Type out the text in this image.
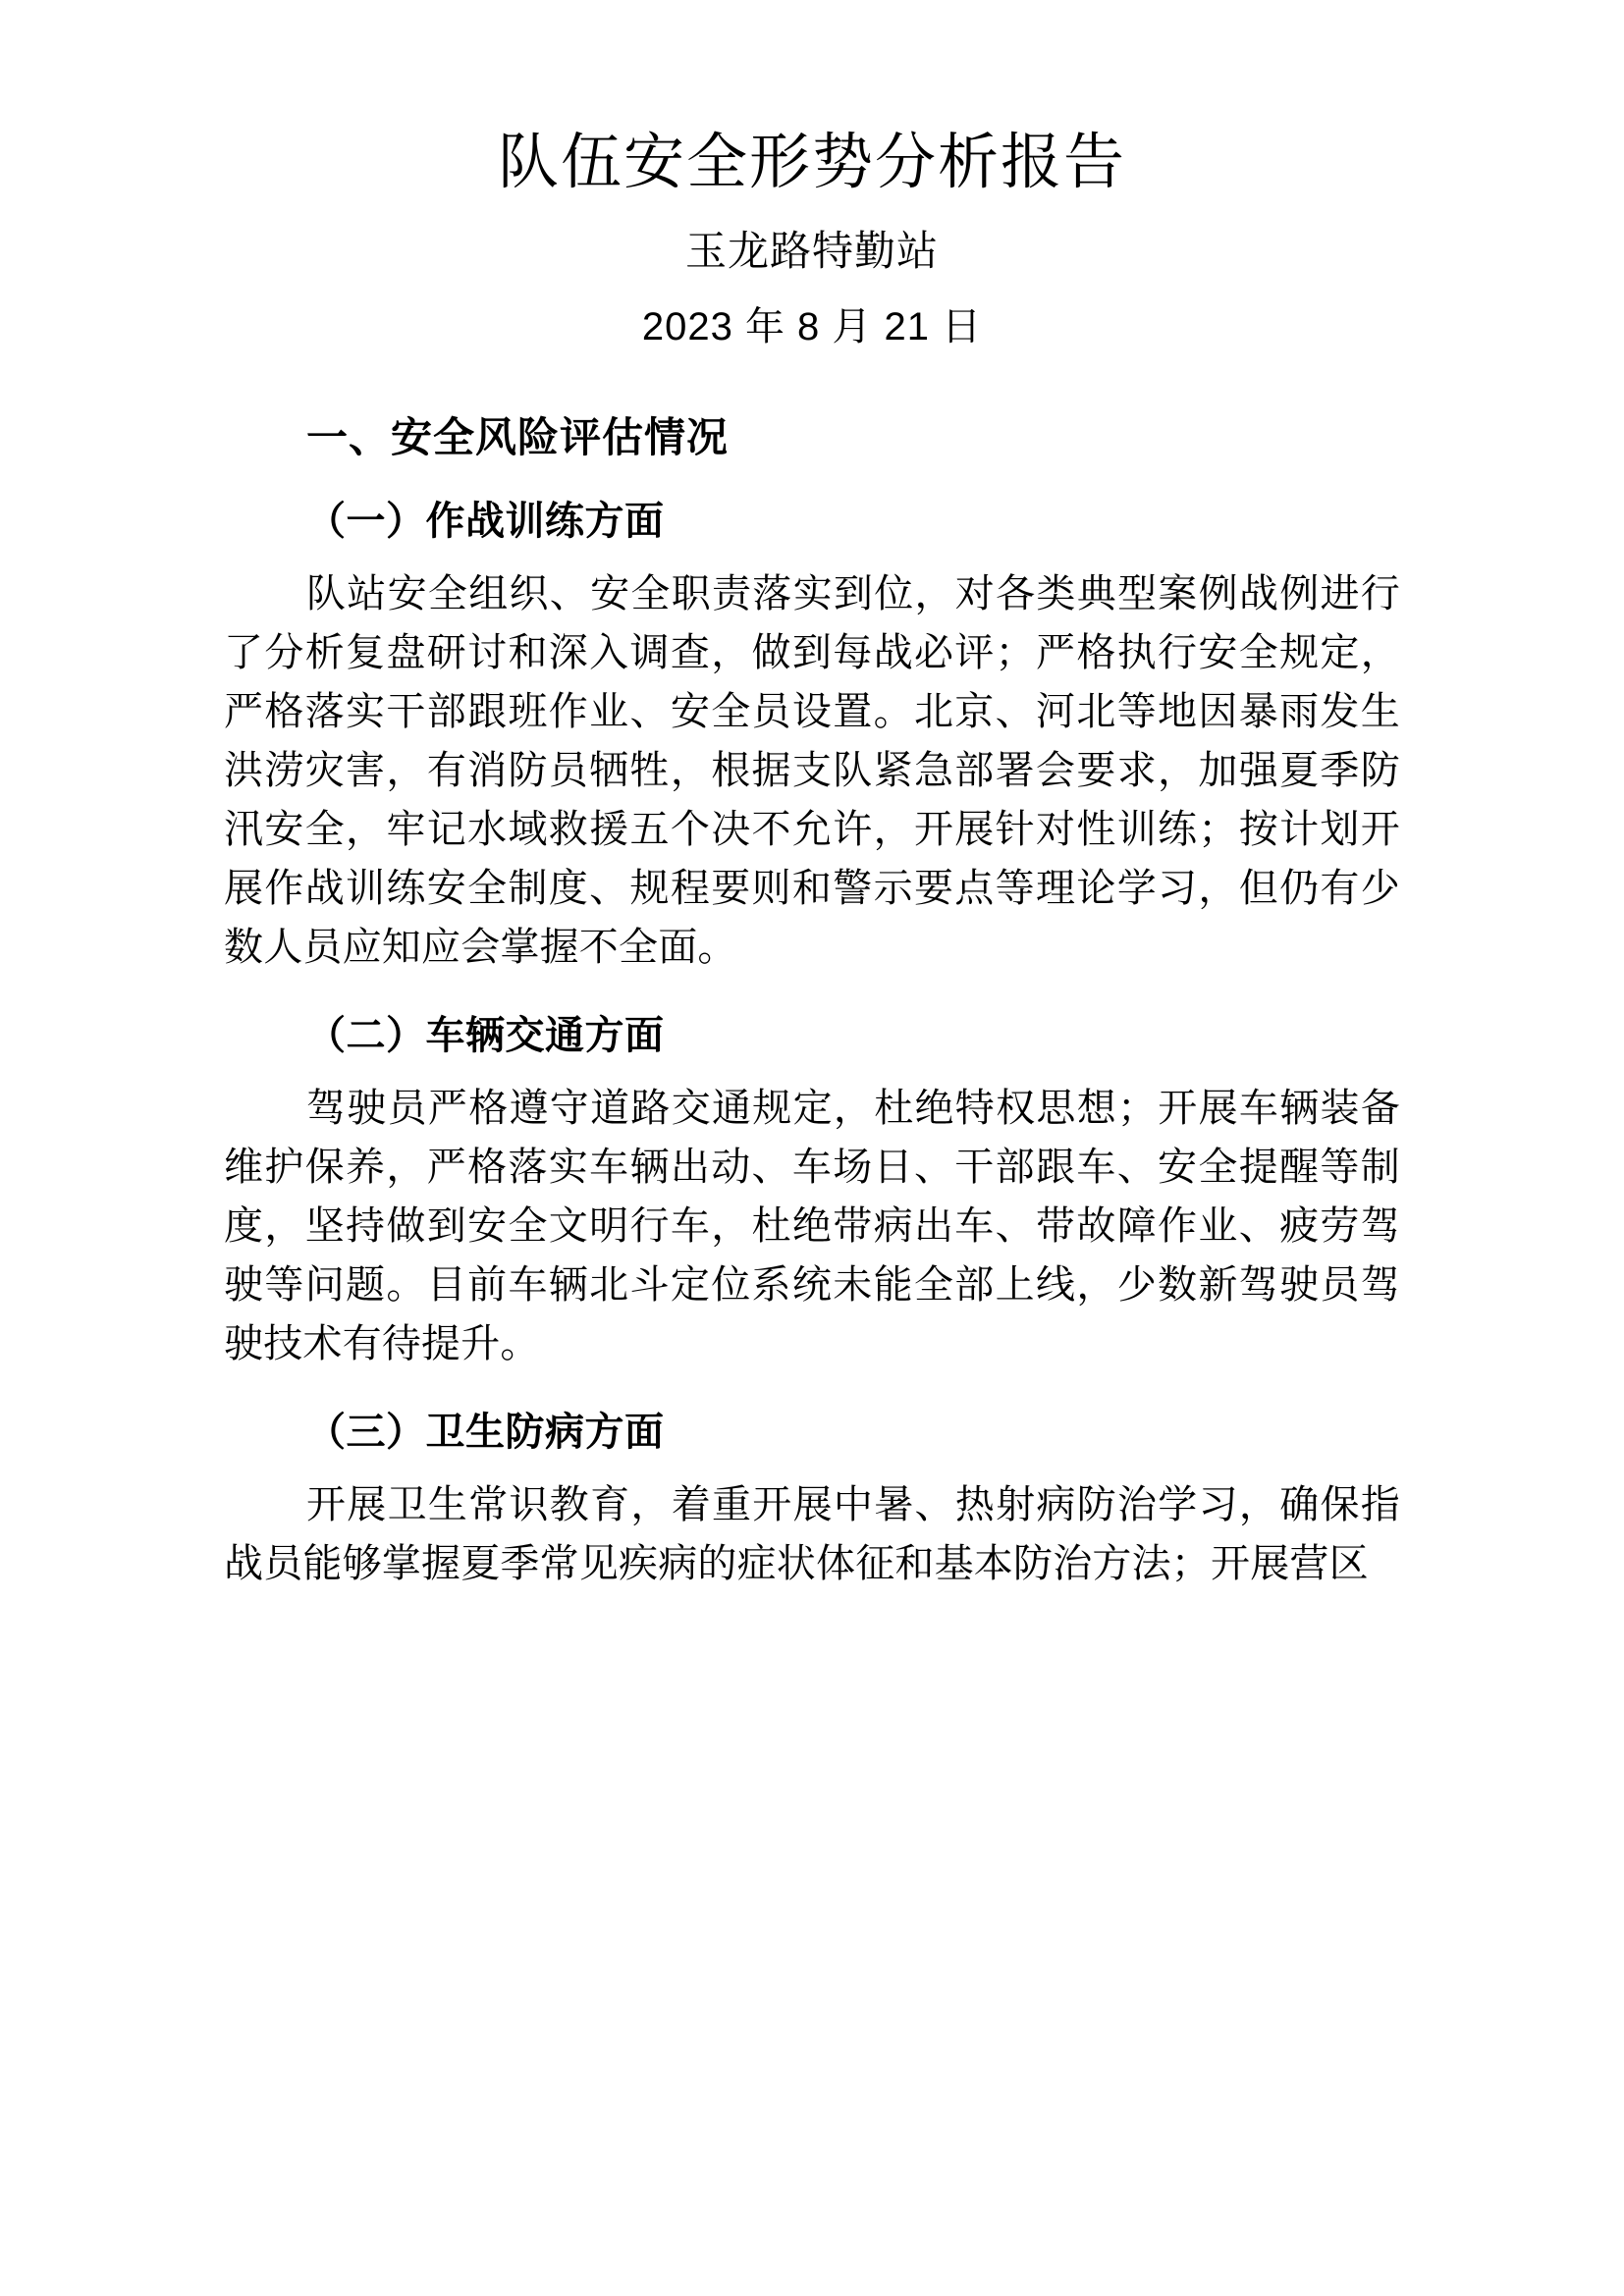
队伍安全形势分析报告
玉龙路特勤站
2023 年 8 月 21 日
一、安全风险评估情况
（一）作战训练方面

队站安全组织、安全职责落实到位，对各类典型案例战例进行了分析复盘研讨和深入调查，做到每战必评；严格执行安全规定，严格落实干部跟班作业、安全员设置。北京、河北等地因暴雨发生洪涝灾害，有消防员牺牲，根据支队紧急部署会要求，加强夏季防汛安全，牢记水域救援五个决不允许，开展针对性训练；按计划开展作战训练安全制度、规程要则和警示要点等理论学习，但仍有少数人员应知应会掌握不全面。

（二）车辆交通方面

驾驶员严格遵守道路交通规定，杜绝特权思想；开展车辆装备维护保养，严格落实车辆出动、车场日、干部跟车、安全提醒等制度，坚持做到安全文明行车，杜绝带病出车、带故障作业、疲劳驾驶等问题。目前车辆北斗定位系统未能全部上线，少数新驾驶员驾驶技术有待提升。

（三）卫生防病方面

开展卫生常识教育，着重开展中暑、热射病防治学习，确保指战员能够掌握夏季常见疾病的症状体征和基本防治方法；开展营区
